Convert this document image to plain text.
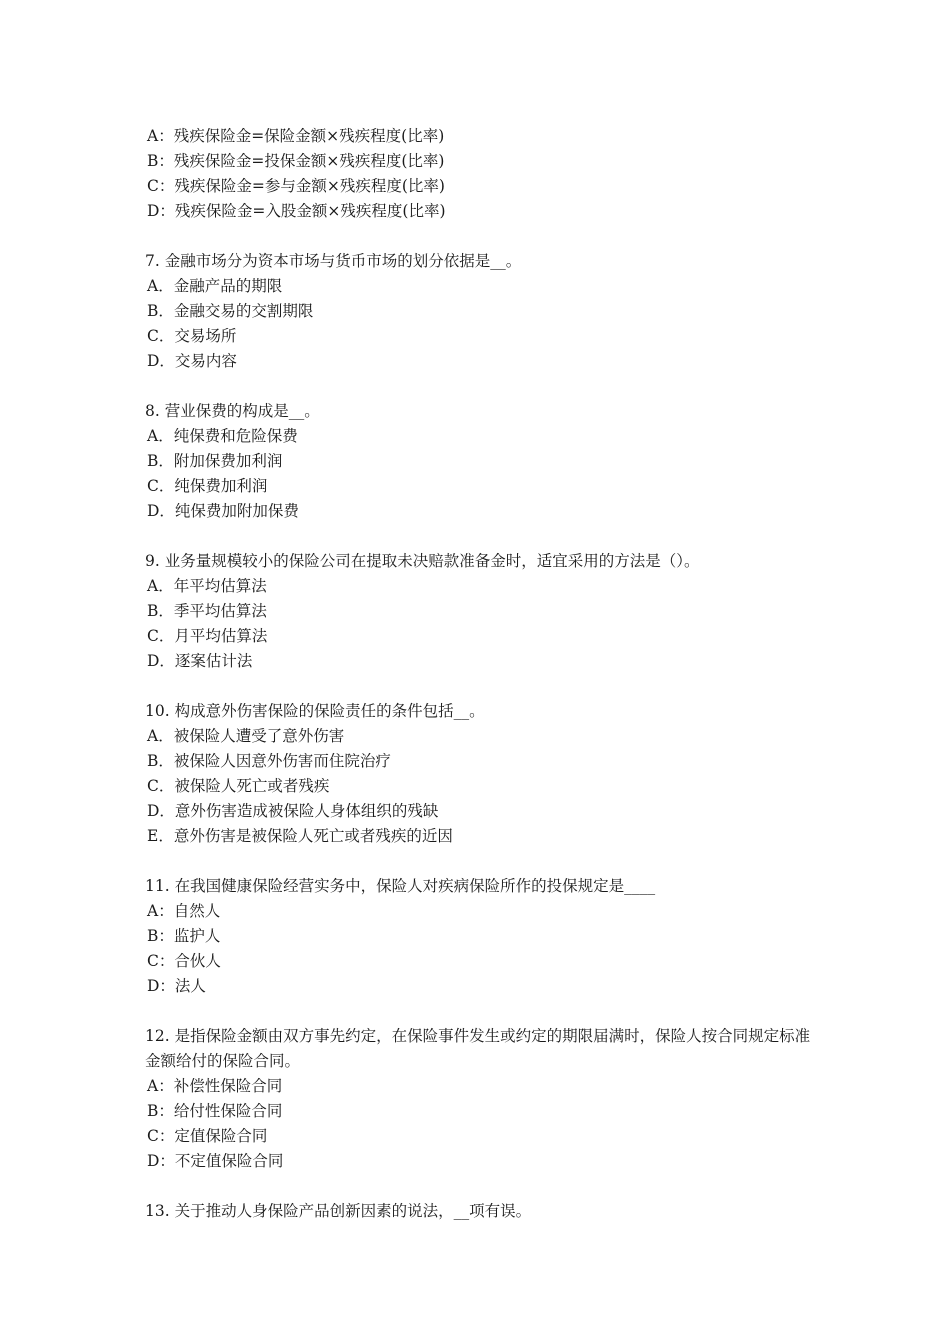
A：残疾保险金=保险金额×残疾程度(比率)
B：残疾保险金=投保金额×残疾程度(比率)
C：残疾保险金=参与金额×残疾程度(比率)
D：残疾保险金=入股金额×残疾程度(比率)
7. 金融市场分为资本市场与货币市场的划分依据是__。
A．金融产品的期限
B．金融交易的交割期限
C．交易场所
D．交易内容
8. 营业保费的构成是__。
A．纯保费和危险保费
B．附加保费加利润
C．纯保费加利润
D．纯保费加附加保费
9. 业务量规模较小的保险公司在提取未决赔款准备金时，适宜采用的方法是（）。
A．年平均估算法
B．季平均估算法
C．月平均估算法
D．逐案估计法
10. 构成意外伤害保险的保险责任的条件包括__。
A．被保险人遭受了意外伤害
B．被保险人因意外伤害而住院治疗
C．被保险人死亡或者残疾
D．意外伤害造成被保险人身体组织的残缺
E．意外伤害是被保险人死亡或者残疾的近因
11. 在我国健康保险经营实务中，保险人对疾病保险所作的投保规定是____
A：自然人
B：监护人
C：合伙人
D：法人
12. 是指保险金额由双方事先约定，在保险事件发生或约定的期限届满时，保险人按合同规定标准金额给付的保险合同。
A：补偿性保险合同
B：给付性保险合同
C：定值保险合同
D：不定值保险合同
13. 关于推动人身保险产品创新因素的说法，__项有误。
